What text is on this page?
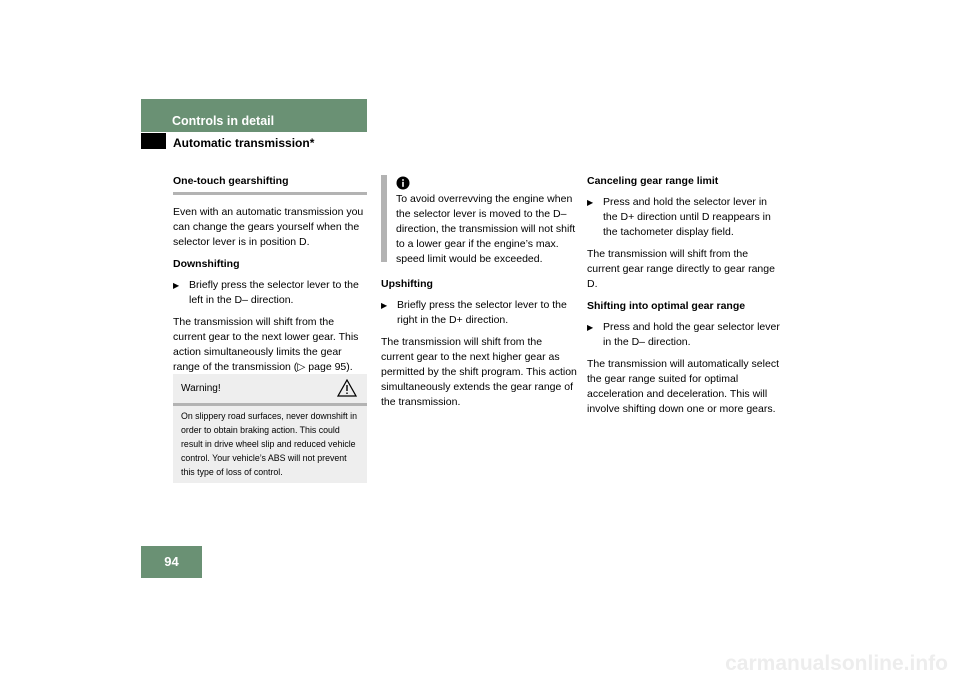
Controls in detail
Automatic transmission*
One-touch gearshifting

Even with an automatic transmission you can change the gears yourself when the selector lever is in position D.

Downshifting
▶ Briefly press the selector lever to the left in the D– direction.

The transmission will shift from the current gear to the next lower gear. This action simultaneously limits the gear range of the transmission (▷ page 95).

Warning!
On slippery road surfaces, never downshift in order to obtain braking action. This could result in drive wheel slip and reduced vehicle control. Your vehicle’s ABS will not prevent this type of loss of control.
To avoid overrevving the engine when the selector lever is moved to the D– direction, the transmission will not shift to a lower gear if the engine’s max. speed limit would be exceeded.
Upshifting
▶ Briefly press the selector lever to the right in the D+ direction.

The transmission will shift from the current gear to the next higher gear as permitted by the shift program. This action simultaneously extends the gear range of the transmission.

Canceling gear range limit
▶ Press and hold the selector lever in the D+ direction until D reappears in the tachometer display field.

The transmission will shift from the current gear range directly to gear range D.

Shifting into optimal gear range
▶ Press and hold the gear selector lever in the D– direction.

The transmission will automatically select the gear range suited for optimal acceleration and deceleration. This will involve shifting down one or more gears.

94
carmanualsonline.info
